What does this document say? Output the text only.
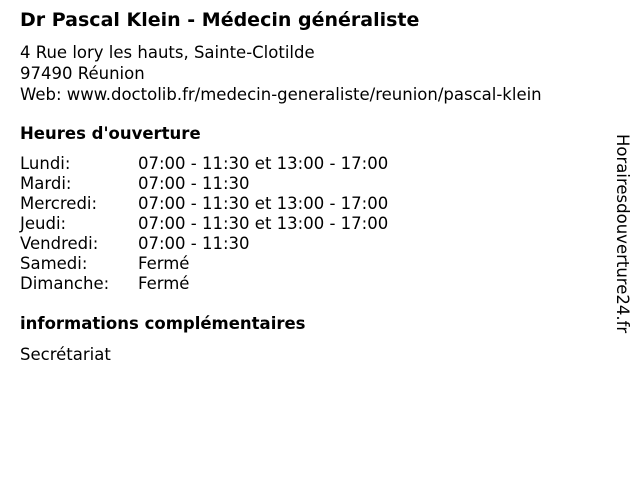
Dr Pascal Klein - Médecin généraliste
4 Rue lory les hauts, Sainte-Clotilde
97490 Réunion
Web: www.doctolib.fr/medecin-generaliste/reunion/pascal-klein
Heures d'ouverture
Lundi:	07:00 - 11:30 et 13:00 - 17:00
Mardi:	07:00 - 11:30
Mercredi: 07:00 - 11:30 et 13:00 - 17:00
Jeudi:	07:00 - 11:30 et 13:00 - 17:00
Vendredi: 07:00 - 11:30
Samedi:	Fermé
Dimanche: Fermé
informations complémentaires
Secrétariat
Horairesdouverture24.fr
